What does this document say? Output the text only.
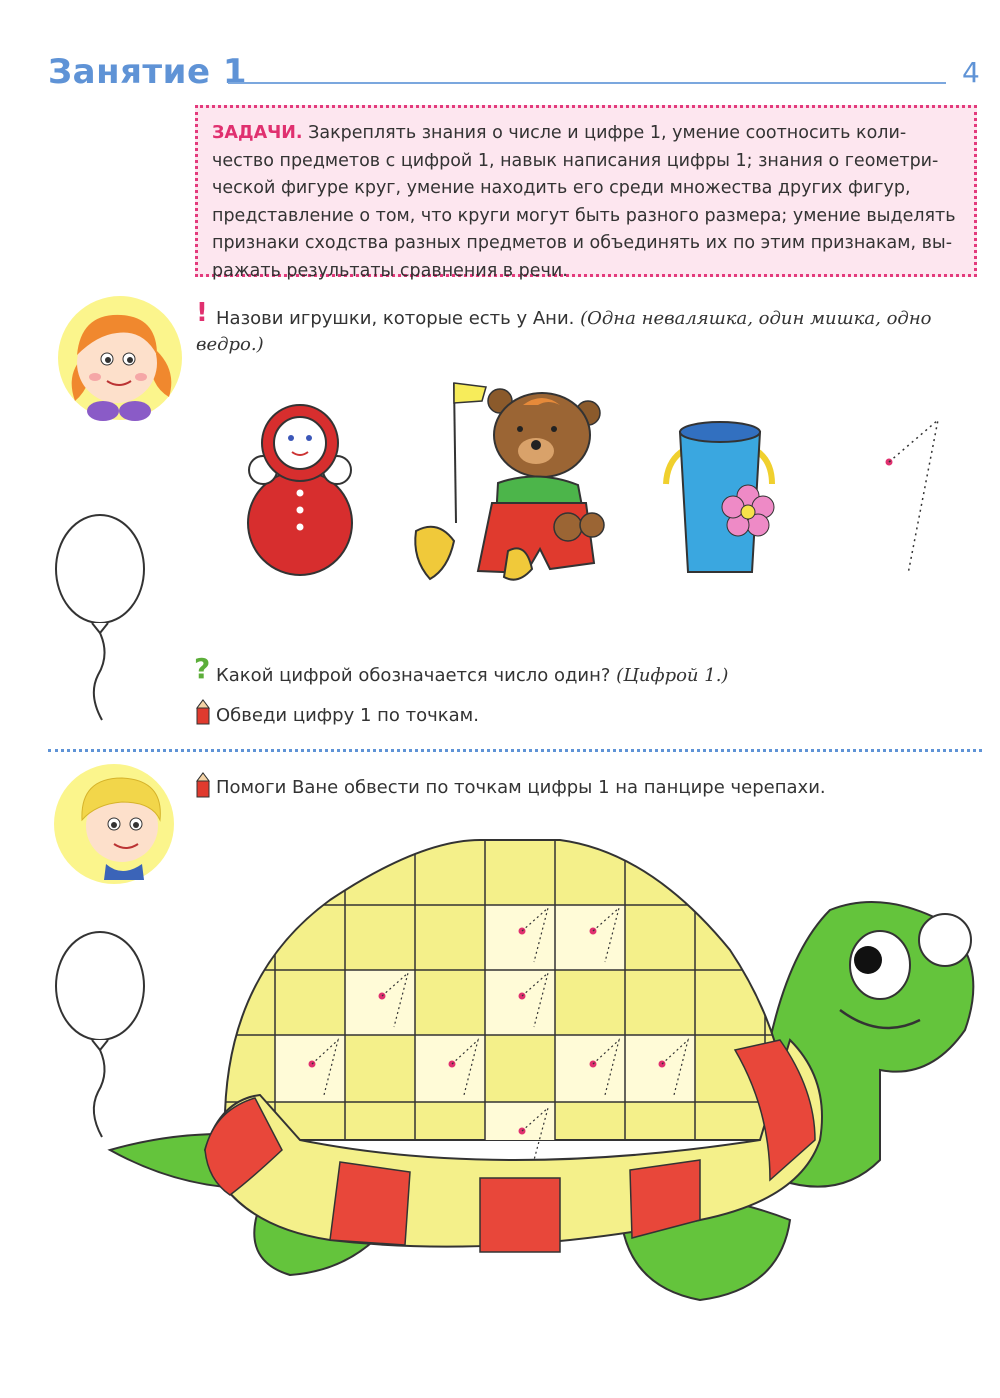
Занятие 1	4
ЗАДАЧИ. Закреплять знания о числе и цифре 1, умение соотносить коли-
чество предметов с цифрой 1, навык написания цифры 1; знания о геометри-
ческой фигуре круг, умение находить его среди множества других фигур,
представление о том, что круги могут быть разного размера; умение выделять
признаки сходства разных предметов и объединять их по этим признакам, вы-
ражать результаты сравнения в речи.
! Назови игрушки, которые есть у Ани. (Одна неваляшка, один мишка, одно
ведро.)
? Какой цифрой обозначается число один? (Цифрой 1.)
Обведи цифру 1 по точкам.
Помоги Ване обвести по точкам цифры 1 на панцире черепахи.
